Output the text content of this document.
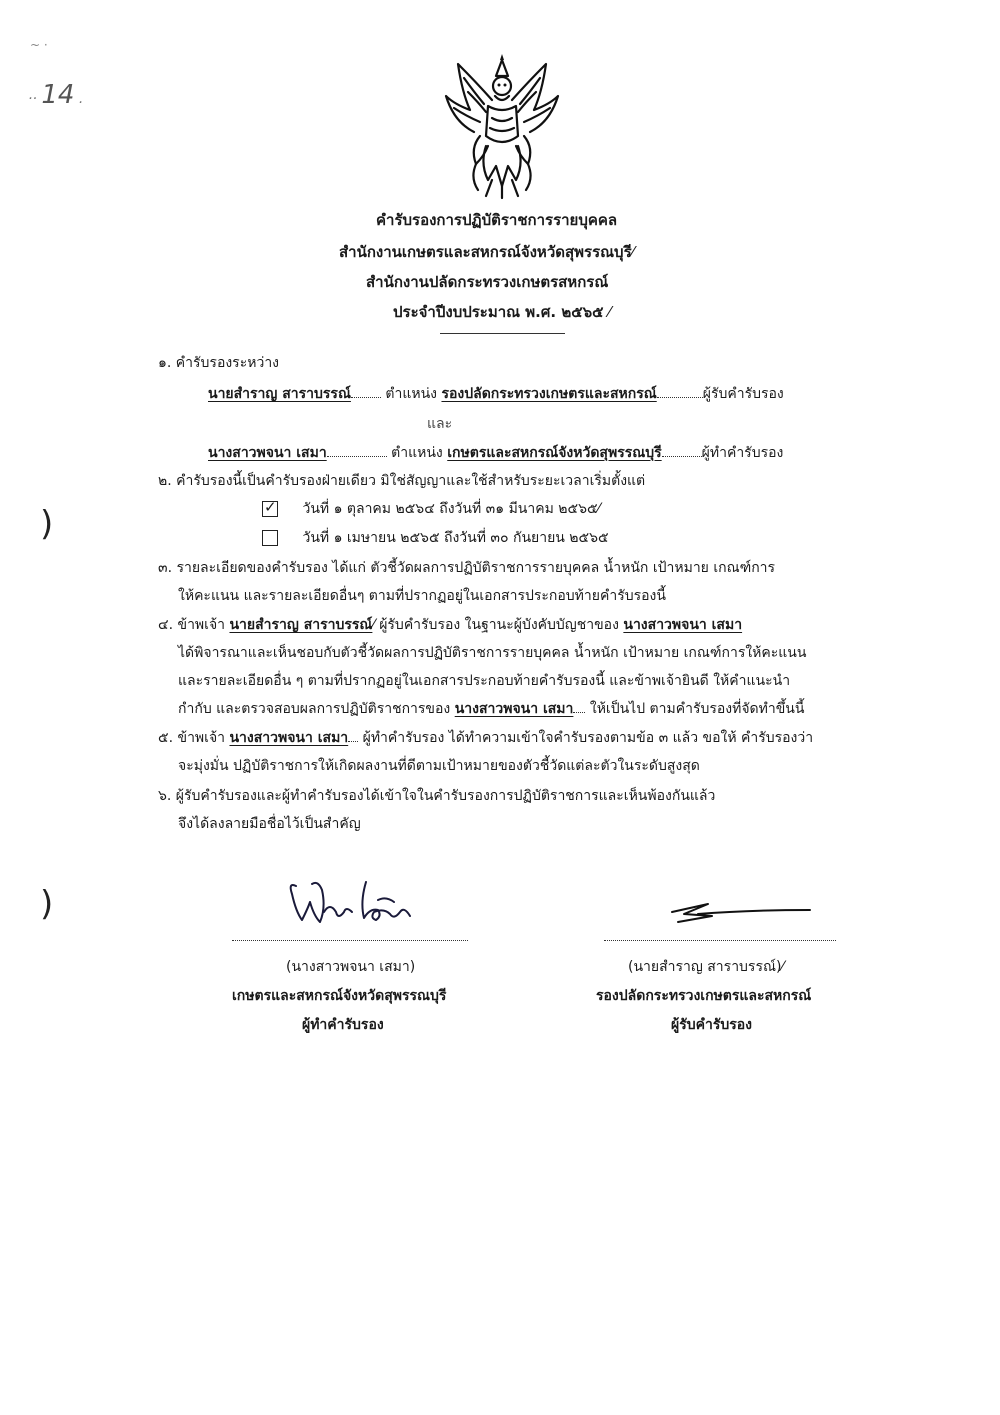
·· 14 .
~ ·
)
)
คำรับรองการปฏิบัติราชการรายบุคคล
สำนักงานเกษตรและสหกรณ์จังหวัดสุพรรณบุรี⁄
สำนักงานปลัดกระทรวงเกษตรสหกรณ์
ประจำปีงบประมาณ พ.ศ. ๒๕๖๕ ⁄
๑. คำรับรองระหว่าง
นายสำราญ สาราบรรณ์ ตำแหน่ง รองปลัดกระทรวงเกษตรและสหกรณ์	ผู้รับคำรับรอง
และ
นางสาวพจนา เสมา	ตำแหน่ง เกษตรและสหกรณ์จังหวัดสุพรรณบุรี	ผู้ทำคำรับรอง
๒. คำรับรองนี้เป็นคำรับรองฝ่ายเดียว มิใช่สัญญาและใช้สำหรับระยะเวลาเริ่มตั้งแต่
✓ วันที่ ๑ ตุลาคม ๒๕๖๔ ถึงวันที่ ๓๑ มีนาคม ๒๕๖๕⁄
วันที่ ๑ เมษายน ๒๕๖๕ ถึงวันที่ ๓๐ กันยายน ๒๕๖๕
๓. รายละเอียดของคำรับรอง ได้แก่ ตัวชี้วัดผลการปฏิบัติราชการรายบุคคล น้ำหนัก เป้าหมาย เกณฑ์การ
ให้คะแนน และรายละเอียดอื่นๆ ตามที่ปรากฏอยู่ในเอกสารประกอบท้ายคำรับรองนี้
๔. ข้าพเจ้า นายสำราญ สาราบรรณ์⁄ ผู้รับคำรับรอง ในฐานะผู้บังคับบัญชาของ นางสาวพจนา เสมา
ได้พิจารณาและเห็นชอบกับตัวชี้วัดผลการปฏิบัติราชการรายบุคคล น้ำหนัก เป้าหมาย เกณฑ์การให้คะแนน
และรายละเอียดอื่น ๆ ตามที่ปรากฏอยู่ในเอกสารประกอบท้ายคำรับรองนี้ และข้าพเจ้ายินดี ให้คำแนะนำ
กำกับ และตรวจสอบผลการปฏิบัติราชการของ นางสาวพจนา เสมา ให้เป็นไป ตามคำรับรองที่จัดทำขึ้นนี้
๕. ข้าพเจ้า นางสาวพจนา เสมา ผู้ทำคำรับรอง ได้ทำความเข้าใจคำรับรองตามข้อ ๓ แล้ว ขอให้ คำรับรองว่า
จะมุ่งมั่น ปฏิบัติราชการให้เกิดผลงานที่ดีตามเป้าหมายของตัวชี้วัดแต่ละตัวในระดับสูงสุด
๖. ผู้รับคำรับรองและผู้ทำคำรับรองได้เข้าใจในคำรับรองการปฏิบัติราชการและเห็นพ้องกันแล้ว
จึงได้ลงลายมือชื่อไว้เป็นสำคัญ
(นางสาวพจนา เสมา)
เกษตรและสหกรณ์จังหวัดสุพรรณบุรี
ผู้ทำคำรับรอง
(นายสำราญ สาราบรรณ์)⁄
รองปลัดกระทรวงเกษตรและสหกรณ์
ผู้รับคำรับรอง
